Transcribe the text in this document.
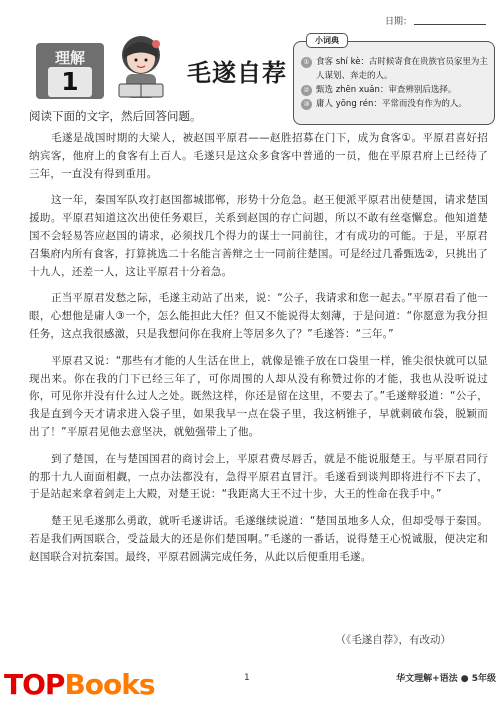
日期：
理解
1	毛遂自荐
小词典
① 食客 shí kè：古时候寄食在贵族官员家里为主人谋划、奔走的人。
② 甄选 zhēn xuǎn：审查辨别后选择。
③ 庸人 yōng rén：平常而没有作为的人。
阅读下面的文字，然后回答问题。

毛遂是战国时期的大梁人，被赵国平原君——赵胜招募在门下，成为食客①。平原君喜好招纳宾客，他府上的食客有上百人。毛遂只是这众多食客中普通的一员，他在平原君府上已经待了三年，一直没有得到重用。

这一年，秦国军队攻打赵国都城邯郸，形势十分危急。赵王便派平原君出使楚国，请求楚国援助。平原君知道这次出使任务艰巨，关系到赵国的存亡问题，所以不敢有丝毫懈怠。他知道楚国不会轻易答应赵国的请求，必须找几个得力的谋士一同前往，才有成功的可能。于是，平原君召集府内所有食客，打算挑选二十名能言善辩之士一同前往楚国。可是经过几番甄选②，只挑出了十九人，还差一人，这让平原君十分着急。

正当平原君发愁之际，毛遂主动站了出来，说：“公子，我请求和您一起去。”平原君看了他一眼，心想他是庸人③一个，怎么能担此大任？但又不能说得太刻薄，于是问道：“你愿意为我分担任务，这点我很感激，只是我想问你在我府上等居多久了？”毛遂答：“三年。”

平原君又说：“那些有才能的人生活在世上，就像是锥子放在口袋里一样，锥尖很快就可以显现出来。你在我的门下已经三年了，可你周围的人却从没有称赞过你的才能，我也从没听说过你，可见你并没有什么过人之处。既然这样，你还是留在这里，不要去了。”毛遂辩驳道：“公子，我是直到今天才请求进入袋子里，如果我早一点在袋子里，我这柄锥子，早就刺破布袋，脱颖而出了！”平原君见他去意坚决，就勉强带上了他。

到了楚国，在与楚国国君的商讨会上，平原君费尽唇舌，就是不能说服楚王。与平原君同行的那十九人面面相觑，一点办法都没有，急得平原君直冒汗。毛遂看到谈判即将进行不下去了，于是站起来拿着剑走上大殿，对楚王说：“我距离大王不过十步，大王的性命在我手中。”

楚王见毛遂那么勇敢，就听毛遂讲话。毛遂继续说道：“楚国虽地多人众，但却受辱于秦国。若是我们两国联合，受益最大的还是你们楚国啊。”毛遂的一番话，说得楚王心悦诚服，便决定和赵国联合对抗秦国。最终，平原君圆满完成任务，从此以后便重用毛遂。

（《毛遂自荐》，有改动）
TOPBooks	1	华文理解+语法 ● 5年级
